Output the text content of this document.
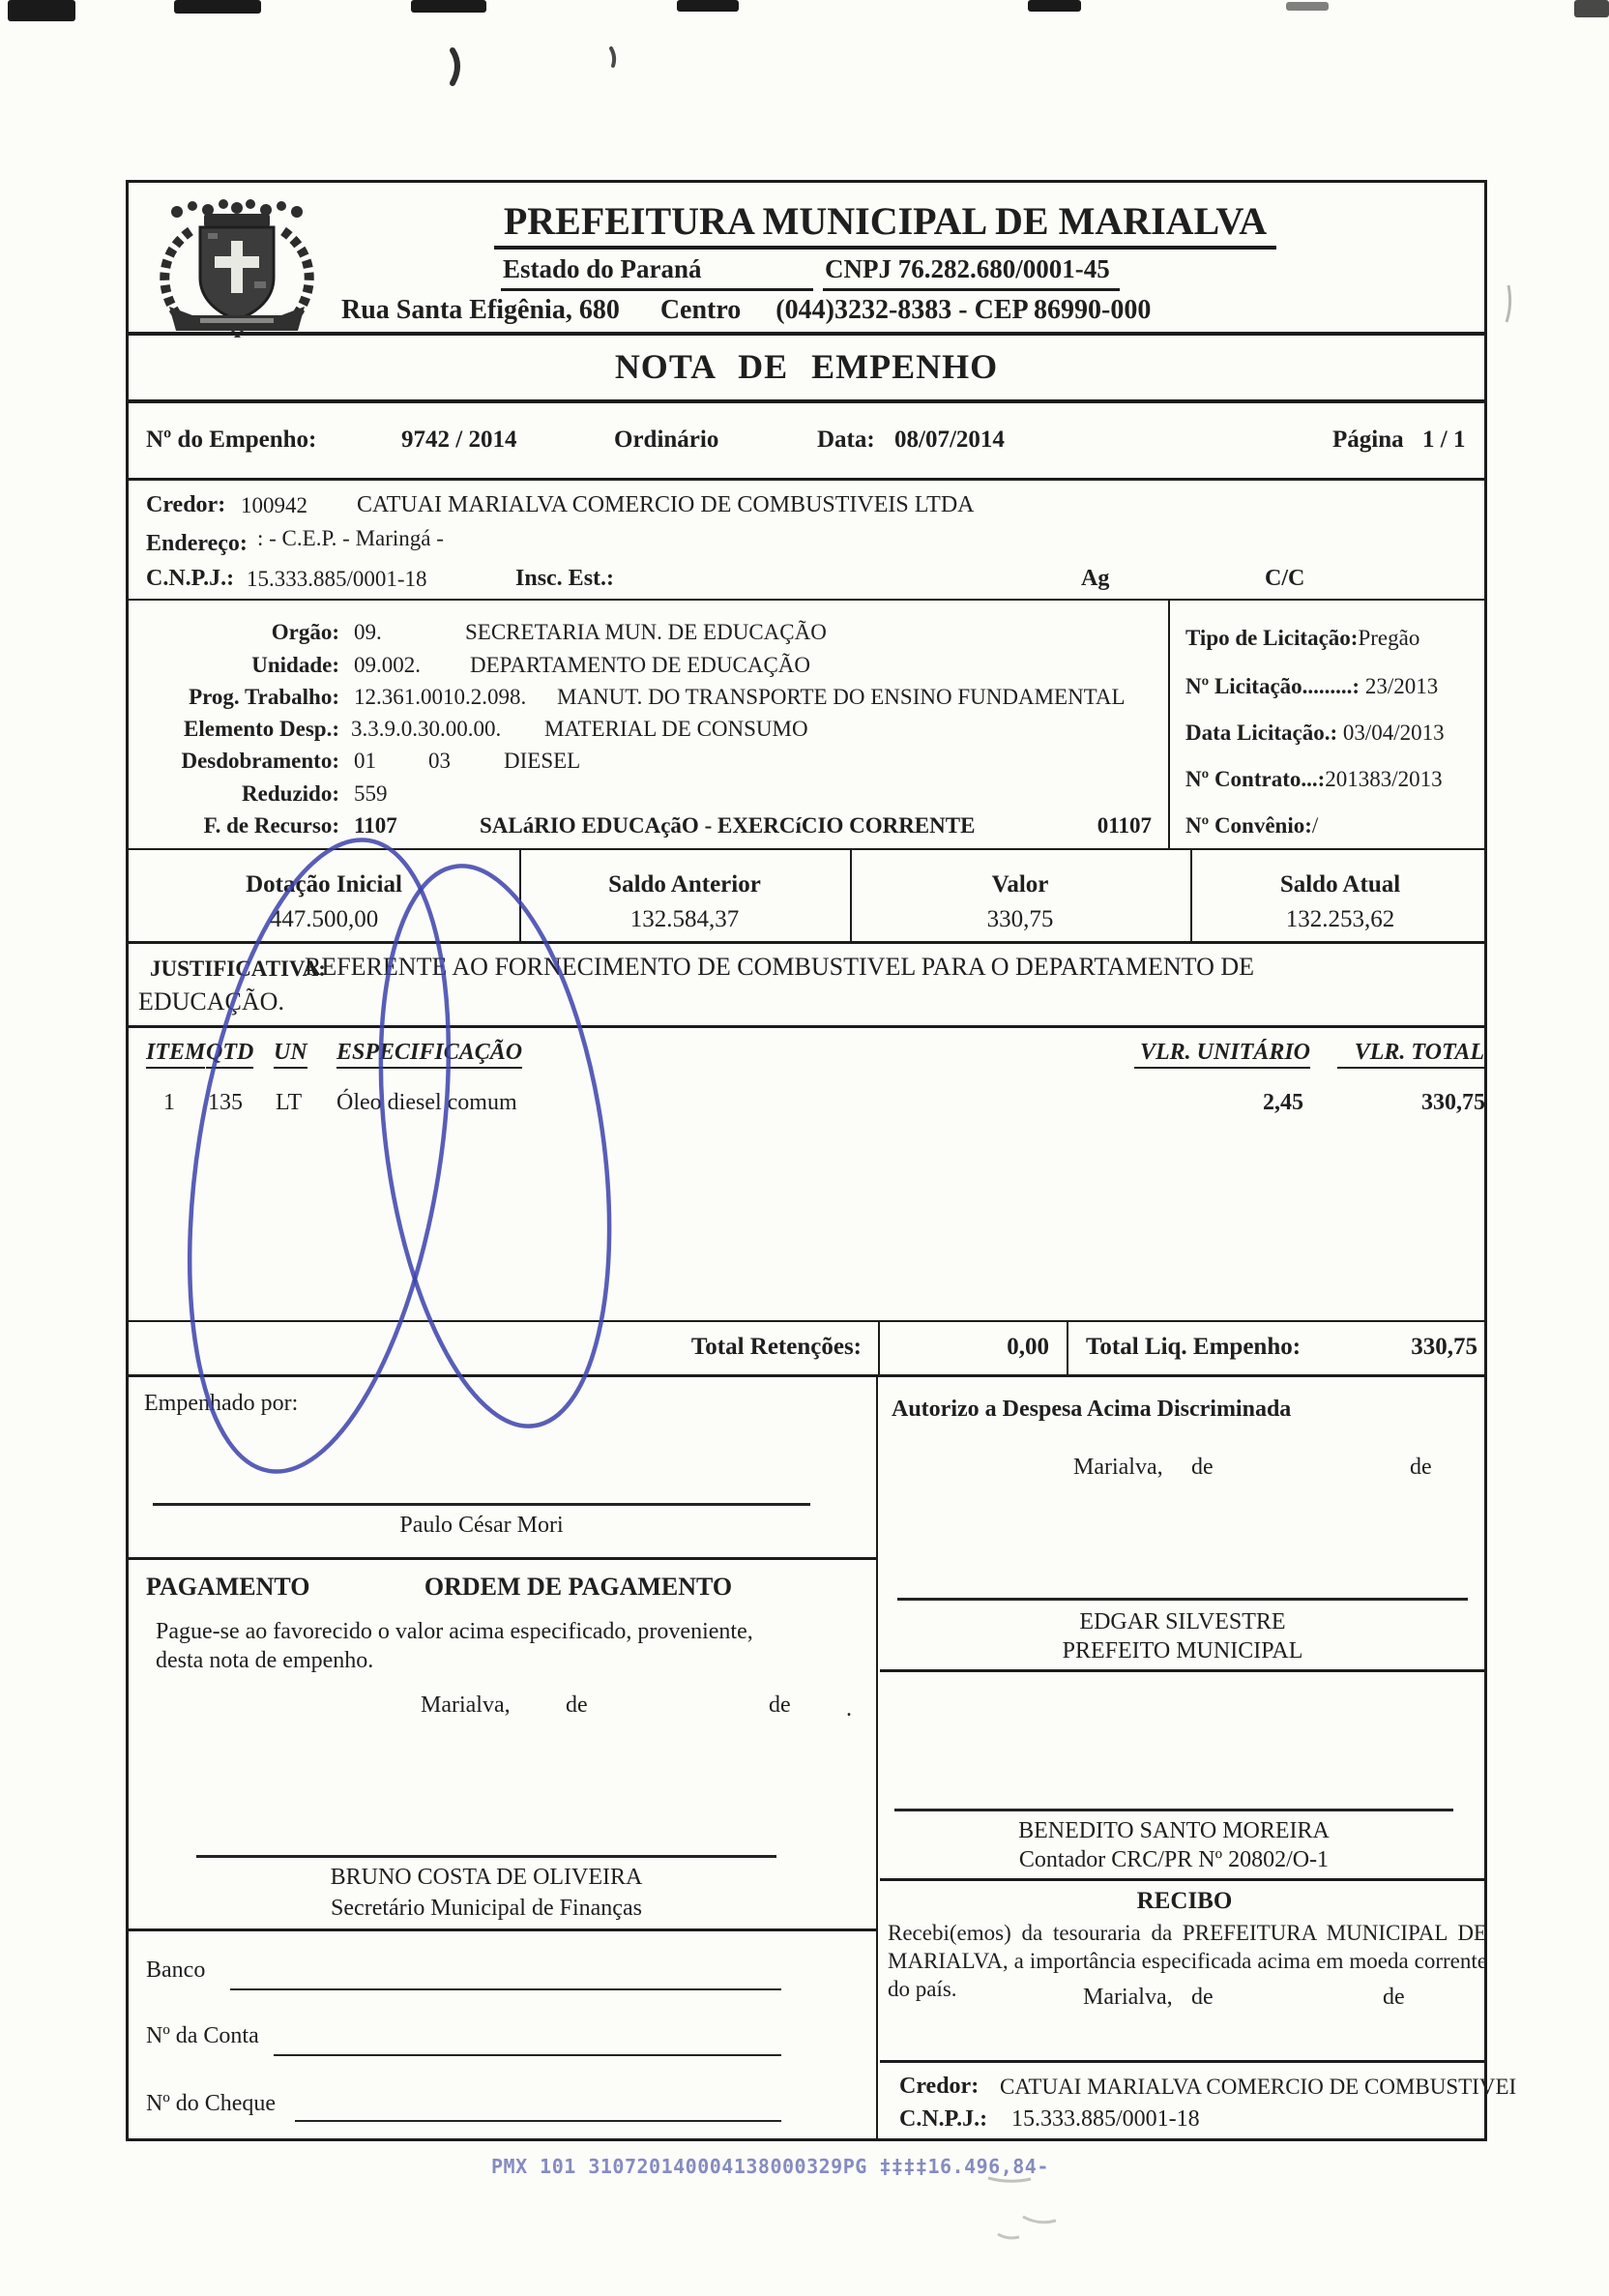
PREFEITURA MUNICIPAL DE MARIALVA
Estado do Paraná	CNPJ 76.282.680/0001-45
Rua Santa Efigênia, 680 Centro (044)3232-8383 - CEP 86990-000
NOTA DE EMPENHO
Nº do Empenho:	9742 / 2014	Ordinário	Data: 08/07/2014	Página 1 / 1
Credor: 100942 CATUAI MARIALVA COMERCIO DE COMBUSTIVEIS LTDA
Endereço: : - C.E.P. - Maringá -
C.N.P.J.: 15.333.885/0001-18	Insc. Est.:	Ag	C/C
Orgão: 09.	SECRETARIA MUN. DE EDUCAÇÃO
Unidade: 09.002. DEPARTAMENTO DE EDUCAÇÃO
Prog. Trabalho: 12.361.0010.2.098. MANUT. DO TRANSPORTE DO ENSINO FUNDAMENTAL
Elemento Desp.: 3.3.9.0.30.00.00. MATERIAL DE CONSUMO
Desdobramento: 01 03 DIESEL
Reduzido: 559
F. de Recurso: 1107	SALáRIO EDUCAçãO - EXERCíCIO CORRENTE	01107
Tipo de Licitação:Pregão
Nº Licitação.........: 23/2013
Data Licitação.: 03/04/2013
Nº Contrato...:201383/2013
Nº Convênio:/
Dotação Inicial
447.500,00
Saldo Anterior
132.584,37
Valor
330,75
Saldo Atual
132.253,62
JUSTIFICATIVA:
REFERENTE AO FORNECIMENTO DE COMBUSTIVEL PARA O DEPARTAMENTO DE
EDUCAÇÃO.
ITEM QTD UN ESPECIFICAÇÃO	VLR. UNITÁRIO	VLR. TOTAL
1 135 LT Óleo diesel comum	2,45	330,75
Total Retenções:	0,00 Total Liq. Empenho:	330,75
Empenhado por:
Paulo César Mori
PAGAMENTO	ORDEM DE PAGAMENTO
Pague-se ao favorecido o valor acima especificado, proveniente, desta nota de empenho.
Marialva, de	de .
BRUNO COSTA DE OLIVEIRA
Secretário Municipal de Finanças
Banco
Nº da Conta
Nº do Cheque
Autorizo a Despesa Acima Discriminada
Marialva, de	de
EDGAR SILVESTRE
PREFEITO MUNICIPAL
BENEDITO SANTO MOREIRA
Contador CRC/PR Nº 20802/O-1
RECIBO
Recebi(emos) da tesouraria da PREFEITURA MUNICIPAL DE MARIALVA, a importância especificada acima em moeda corrente do país.	Marialva, de	de
Credor: CATUAI MARIALVA COMERCIO DE COMBUSTIVEI
C.N.P.J.: 15.333.885/0001-18
PMX 101 310720140004138000329PG ‡‡‡‡16.496,84-
